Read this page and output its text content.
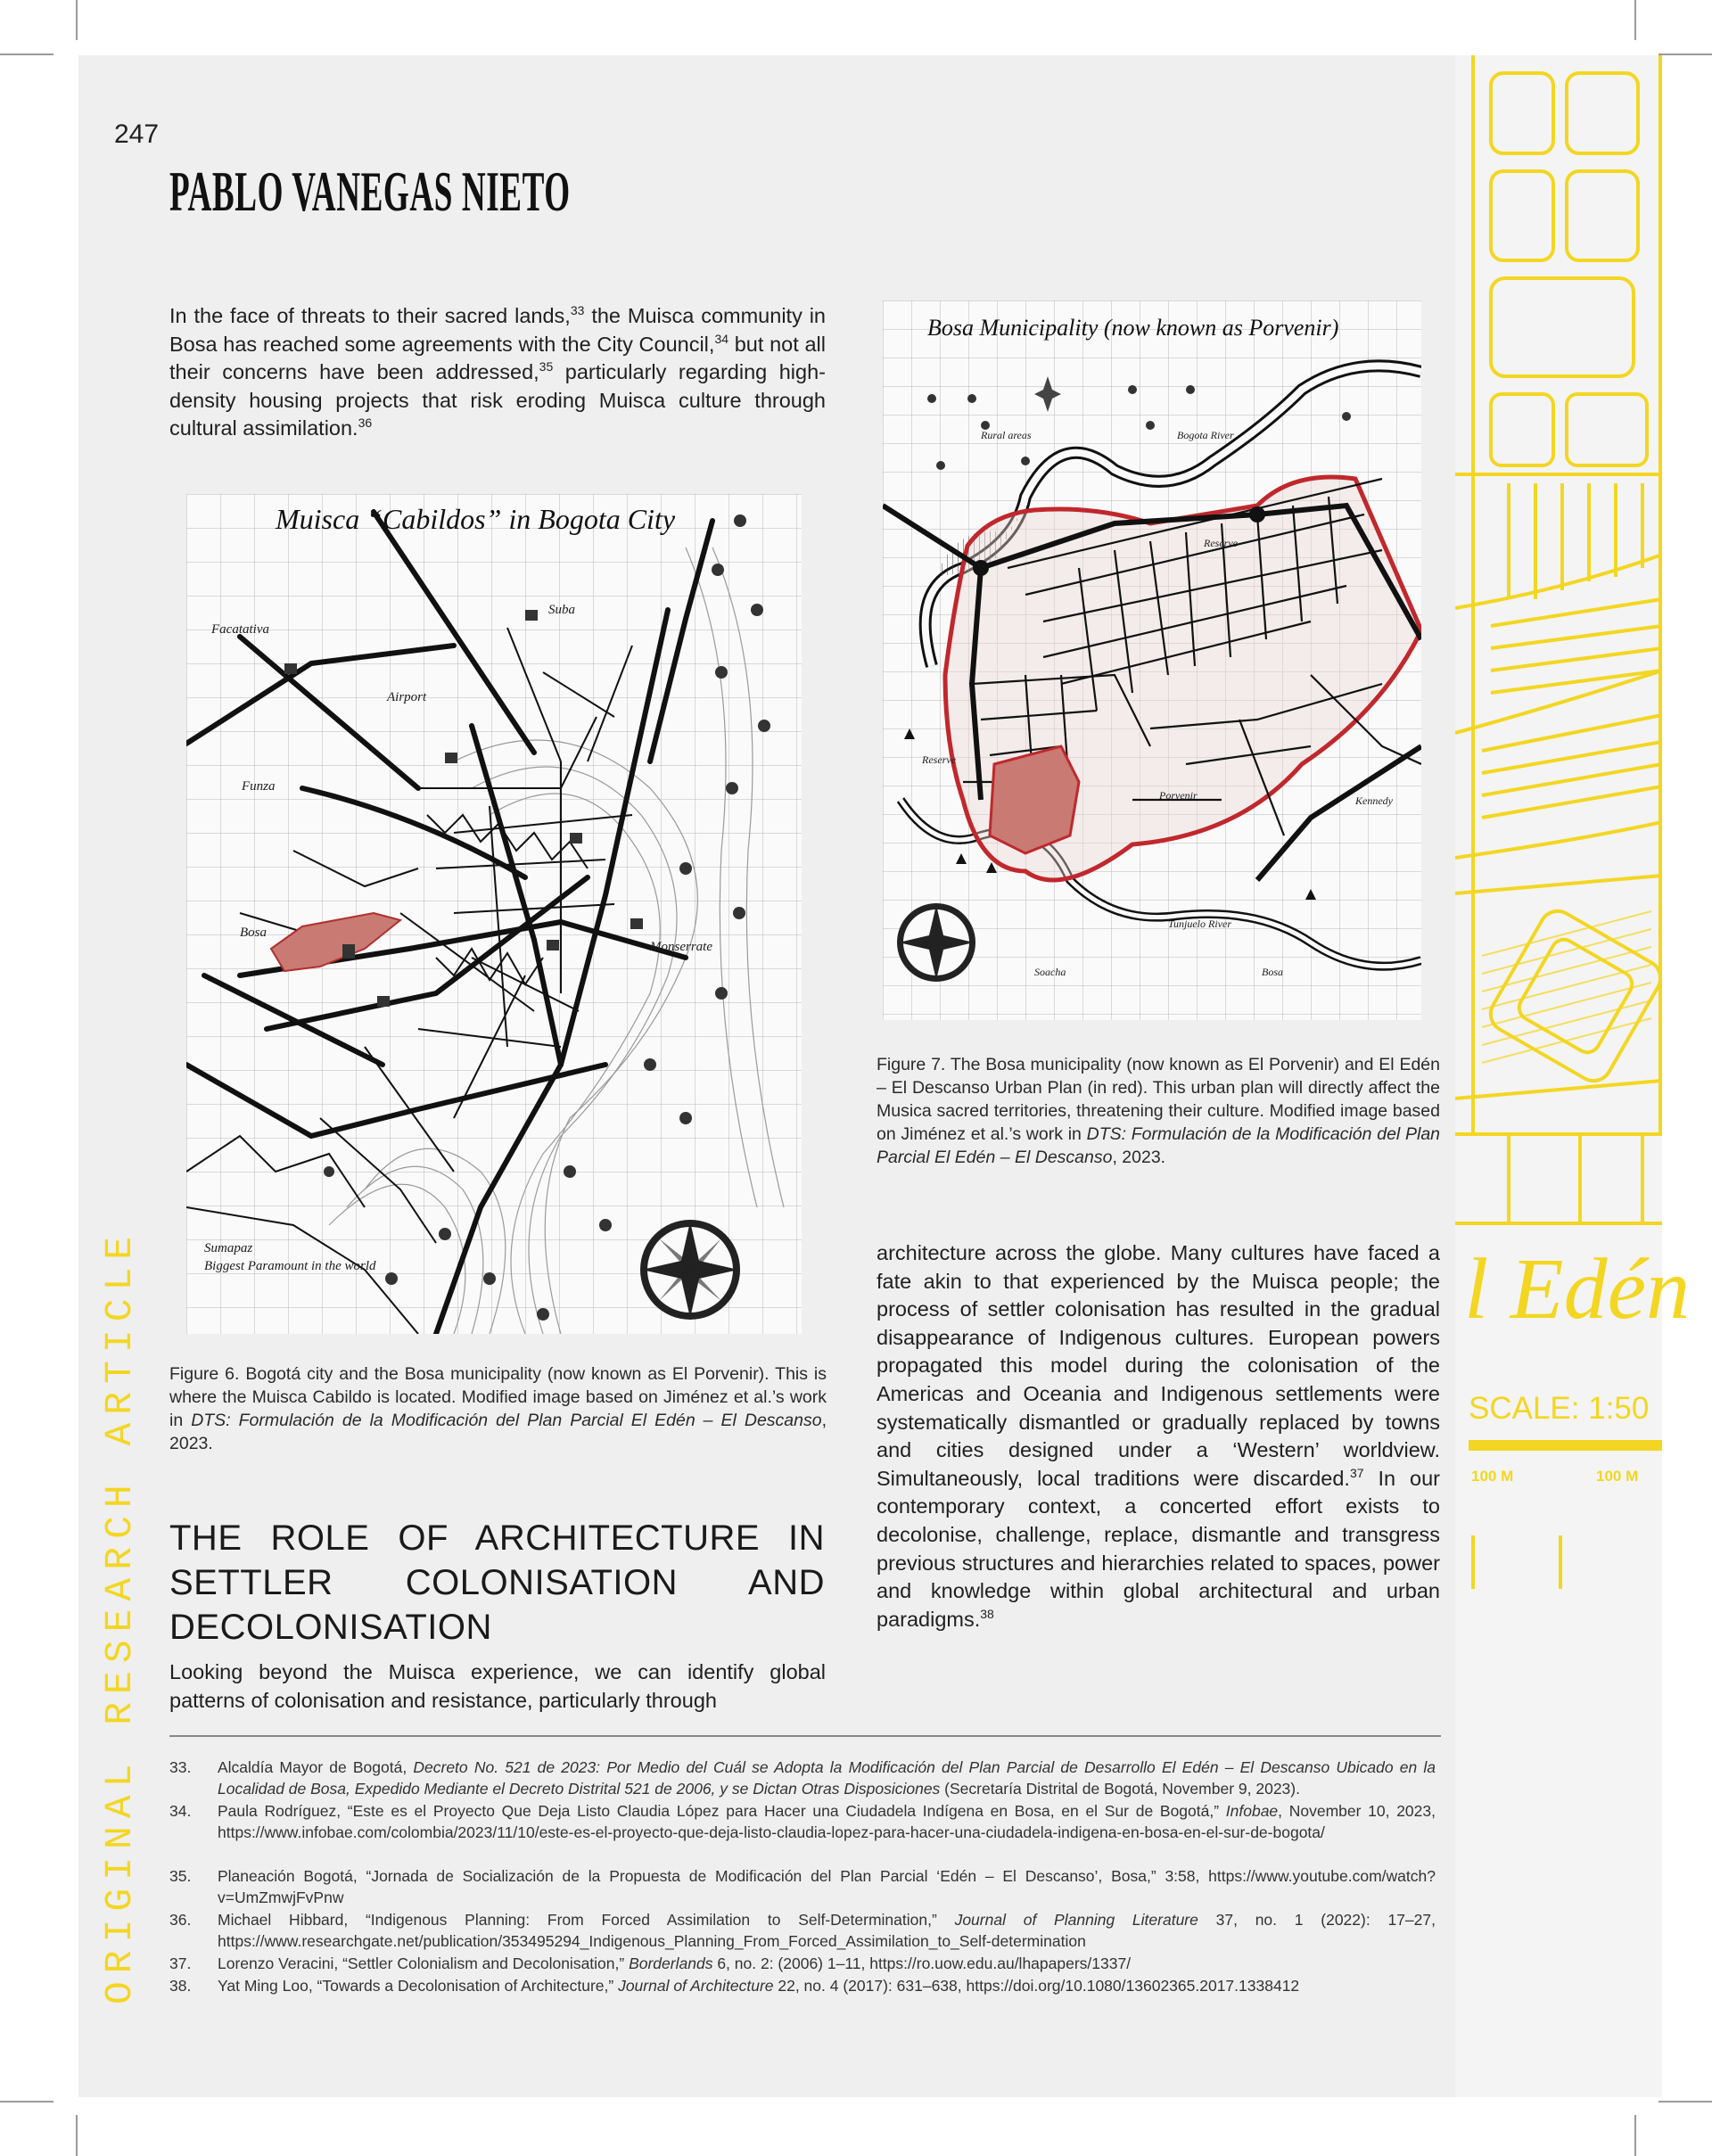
l Edén
SCALE: 1:50
100 M	100 M
247
PABLO VANEGAS NIETO
In the face of threats to their sacred lands,$^{33}$ the Muisca community in Bosa has reached some agreements with the City Council,$^{34}$ but not all their concerns have been addressed,$^{35}$ particularly regarding high-density housing projects that risk eroding Muisca culture through cultural assimilation.$^{36}$
Muisca “Cabildos” in Bogota City
Facatativa
Suba
Airport
Funza
Bosa
Monserrate
Sumapaz
Biggest Paramount in the world
Figure 6. Bogotá city and the Bosa municipality (now known as El Porvenir). This is where the Muisca Cabildo is located. Modified image based on Jiménez et al.’s work in DTS: Formulación de la Modificación del Plan Parcial El Edén – El Descanso, 2023.
Bosa Municipality (now known as Porvenir)
Rural areas	Bogota River
Reserve
Reserve
Porvenir	Kennedy
Tunjuelo River
Soacha	Bosa
Figure 7. The Bosa municipality (now known as El Porvenir) and El Edén – El Descanso Urban Plan (in red). This urban plan will directly affect the Musica sacred territories, threatening their culture. Modified image based on Jiménez et al.’s work in DTS: Formulación de la Modificación del Plan Parcial El Edén – El Descanso, 2023.
THE ROLE OF ARCHITECTURE IN SETTLER COLONISATION AND DECOLONISATION
Looking beyond the Muisca experience, we can identify global patterns of colonisation and resistance, particularly through
architecture across the globe. Many cultures have faced a fate akin to that experienced by the Muisca people; the process of settler colonisation has resulted in the gradual disappearance of Indigenous cultures. European powers propagated this model during the colonisation of the Americas and Oceania and Indigenous settlements were systematically dismantled or gradually replaced by towns and cities designed under a ‘Western’ worldview. Simultaneously, local traditions were discarded.$^{37}$ In our contemporary context, a concerted effort exists to decolonise, challenge, replace, dismantle and transgress previous structures and hierarchies related to spaces, power and knowledge within global architectural and urban paradigms.$^{38}$
33. Alcaldía Mayor de Bogotá, Decreto No. 521 de 2023: Por Medio del Cuál se Adopta la Modificación del Plan Parcial de Desarrollo El Edén – El Descanso Ubicado en la Localidad de Bosa, Expedido Mediante el Decreto Distrital 521 de 2006, y se Dictan Otras Disposiciones (Secretaría Distrital de Bogotá, November 9, 2023).
34. Paula Rodríguez, “Este es el Proyecto Que Deja Listo Claudia López para Hacer una Ciudadela Indígena en Bosa, en el Sur de Bogotá,” Infobae, November 10, 2023, https://www.infobae.com/colombia/2023/11/10/este-es-el-proyecto-que-deja-listo-claudia-lopez-para-hacer-una-ciudadela-indigena-en-bosa-en-el-sur-de-bogota/
35. Planeación Bogotá, “Jornada de Socialización de la Propuesta de Modificación del Plan Parcial ‘Edén – El Descanso’, Bosa,” 3:58, https://www.youtube.com/watch?v=UmZmwjFvPnw
36. Michael Hibbard, “Indigenous Planning: From Forced Assimilation to Self-Determination,” Journal of Planning Literature 37, no. 1 (2022): 17–27, https://www.researchgate.net/publication/353495294_Indigenous_Planning_From_Forced_Assimilation_to_Self-determination
37. Lorenzo Veracini, “Settler Colonialism and Decolonisation,” Borderlands 6, no. 2: (2006) 1–11, https://ro.uow.edu.au/lhapapers/1337/
38. Yat Ming Loo, “Towards a Decolonisation of Architecture,” Journal of Architecture 22, no. 4 (2017): 631–638, https://doi.org/10.1080/13602365.2017.1338412
ORIGINAL RESEARCH ARTICLE
